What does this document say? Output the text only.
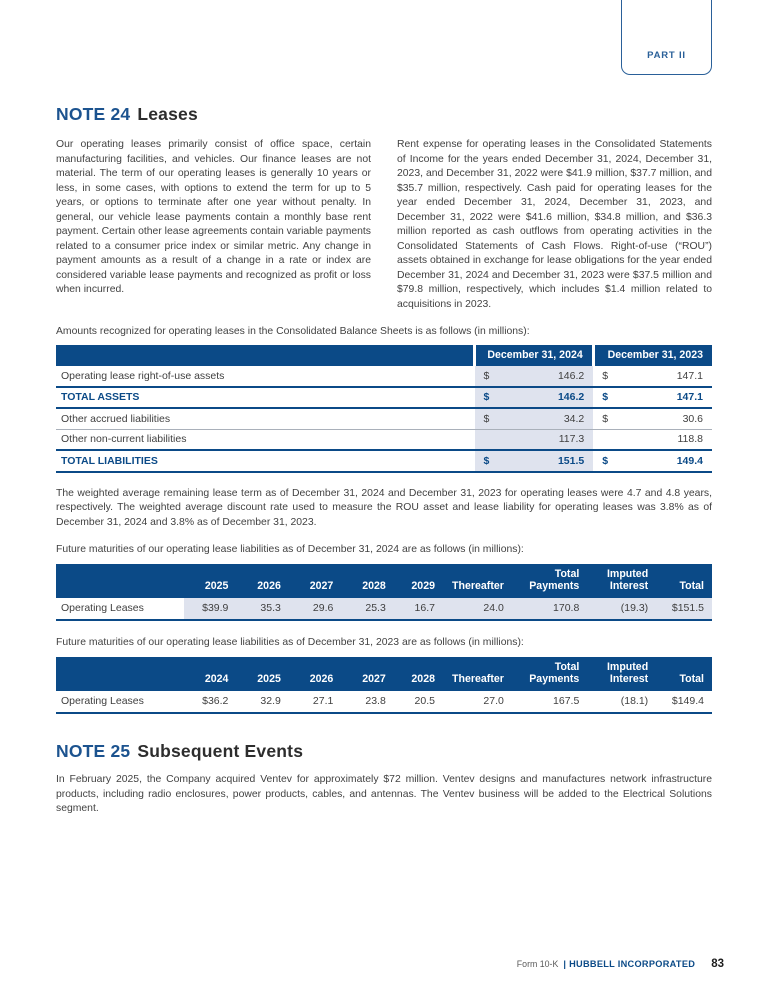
PART II
NOTE 24 Leases

Our operating leases primarily consist of office space, certain manufacturing facilities, and vehicles. Our finance leases are not material. The term of our operating leases is generally 10 years or less, in some cases, with options to extend the term for up to 5 years, or options to terminate after one year without penalty. In general, our vehicle lease payments contain a monthly base rent payment. Certain other lease agreements contain variable payments related to a consumer price index or similar metric. Any change in payment amounts as a result of a change in a rate or index are considered variable lease payments and recognized as profit or loss when incurred.

Rent expense for operating leases in the Consolidated Statements of Income for the years ended December 31, 2024, December 31, 2023, and December 31, 2022 were $41.9 million, $37.7 million, and $35.7 million, respectively. Cash paid for operating leases for the year ended December 31, 2024, December 31, 2023, and December 31, 2022 were $41.6 million, $34.8 million, and $36.3 million reported as cash outflows from operating activities in the Consolidated Statements of Cash Flows. Right-of-use (“ROU”) assets obtained in exchange for lease obligations for the year ended December 31, 2024 and December 31, 2023 were $37.5 million and $79.8 million, respectively, which includes $1.4 million related to acquisitions in 2023.

Amounts recognized for operating leases in the Consolidated Balance Sheets is as follows (in millions):

	December 31, 2024	December 31, 2023
Operating lease right-of-use assets	$ 146.2	$ 147.1

TOTAL ASSETS	$ 146.2	$ 147.1

Other accrued liabilities	$ 34.2	$ 30.6

Other non-current liabilities	117.3	118.8

TOTAL LIABILITIES	$ 151.5	$ 149.4

The weighted average remaining lease term as of December 31, 2024 and December 31, 2023 for operating leases were 4.7 and 4.8 years, respectively. The weighted average discount rate used to measure the ROU asset and lease liability for operating leases was 3.8% as of December 31, 2024 and 3.8% as of December 31, 2023.

Future maturities of our operating lease liabilities as of December 31, 2024 are as follows (in millions):

	2025	2026	2027	2028	2029	Thereafter	Total Payments	Imputed Interest	Total
Operating Leases	$39.9	35.3	29.6	25.3	16.7	24.0	170.8	(19.3)	$151.5

Future maturities of our operating lease liabilities as of December 31, 2023 are as follows (in millions):

	2024	2025	2026	2027	2028	Thereafter	Total Payments	Imputed Interest	Total
Operating Leases	$36.2	32.9	27.1	23.8	20.5	27.0	167.5	(18.1)	$149.4
NOTE 25 Subsequent Events

In February 2025, the Company acquired Ventev for approximately $72 million. Ventev designs and manufactures network infrastructure products, including radio enclosures, power products, cables, and antennas. The Ventev business will be added to the Electrical Solutions segment.

Form 10-K | HUBBELL INCORPORATED 83
